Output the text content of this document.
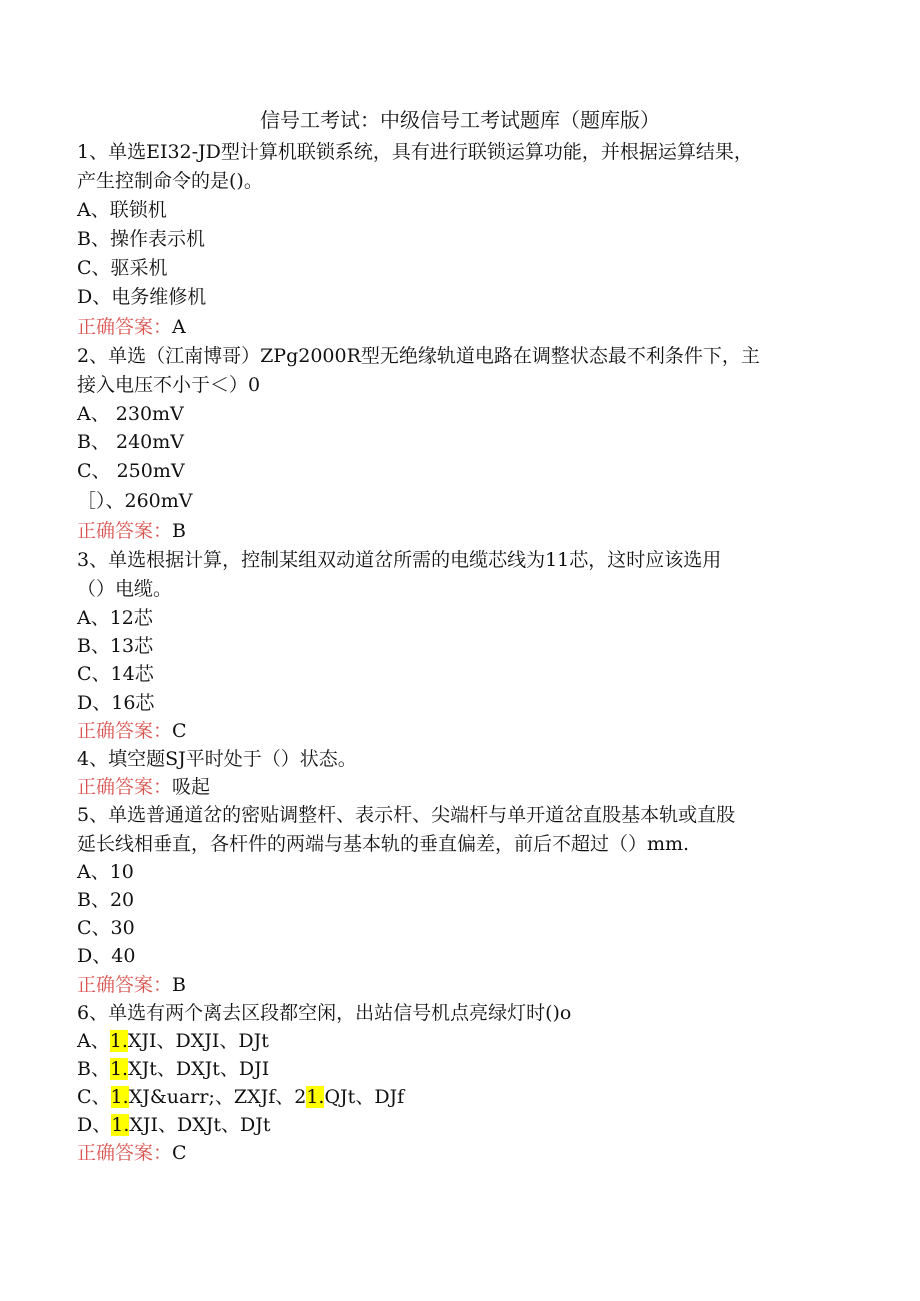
信号工考试：中级信号工考试题库（题库版）
1、单选EI32-JD型计算机联锁系统，具有进行联锁运算功能，并根据运算结果，
产生控制命令的是()。
A、联锁机
B、操作表示机
C、驱采机
D、电务维修机
正确答案：A
2、单选（江南博哥）ZPg2000R型无绝缘轨道电路在调整状态最不利条件下，主
接入电压不小于＜）0
A、 230mV
B、 240mV
C、 250mV
［）、260mV
正确答案：B
3、单选根据计算，控制某组双动道岔所需的电缆芯线为11芯，这时应该选用
（）电缆。
A、12芯
B、13芯
C、14芯
D、16芯
正确答案：C
4、填空题SJ平时处于（）状态。
正确答案：吸起
5、单选普通道岔的密贴调整杆、表示杆、尖端杆与单开道岔直股基本轨或直股
延长线相垂直，各杆件的两端与基本轨的垂直偏差，前后不超过（）mm.
A、10
B、20
C、30
D、40
正确答案：B
6、单选有两个离去区段都空闲，出站信号机点亮绿灯时()o
A、1.XJI、DXJI、DJt
B、1.XJt、DXJt、DJI
C、1.XJ&uarr;、ZXJf、21.QJt、DJf
D、1.XJI、DXJt、DJt
正确答案：C
